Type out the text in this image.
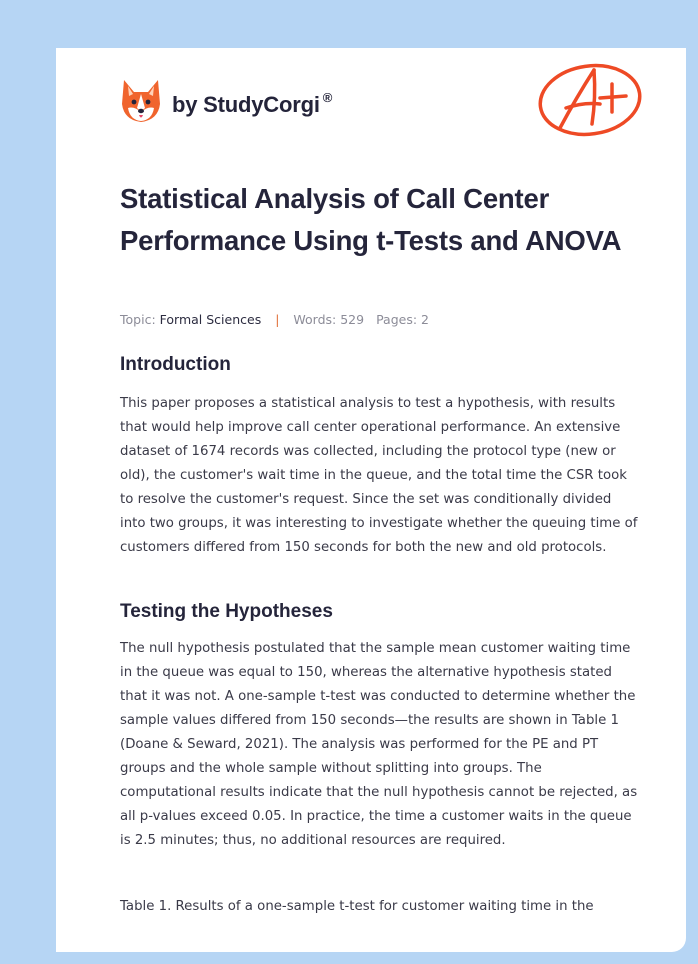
by StudyCorgi ®
A+
Statistical Analysis of Call Center Performance Using t-Tests and ANOVA
Topic: Formal Sciences | Words: 529 Pages: 2
Introduction

This paper proposes a statistical analysis to test a hypothesis, with results that would help improve call center operational performance. An extensive dataset of 1674 records was collected, including the protocol type (new or old), the customer's wait time in the queue, and the total time the CSR took to resolve the customer's request. Since the set was conditionally divided into two groups, it was interesting to investigate whether the queuing time of customers differed from 150 seconds for both the new and old protocols.

Testing the Hypotheses

The null hypothesis postulated that the sample mean customer waiting time in the queue was equal to 150, whereas the alternative hypothesis stated that it was not. A one-sample t-test was conducted to determine whether the sample values differed from 150 seconds—the results are shown in Table 1 (Doane & Seward, 2021). The analysis was performed for the PE and PT groups and the whole sample without splitting into groups. The computational results indicate that the null hypothesis cannot be rejected, as all p-values exceed 0.05. In practice, the time a customer waits in the queue is 2.5 minutes; thus, no additional resources are required.

Table 1. Results of a one-sample t-test for customer waiting time in the
